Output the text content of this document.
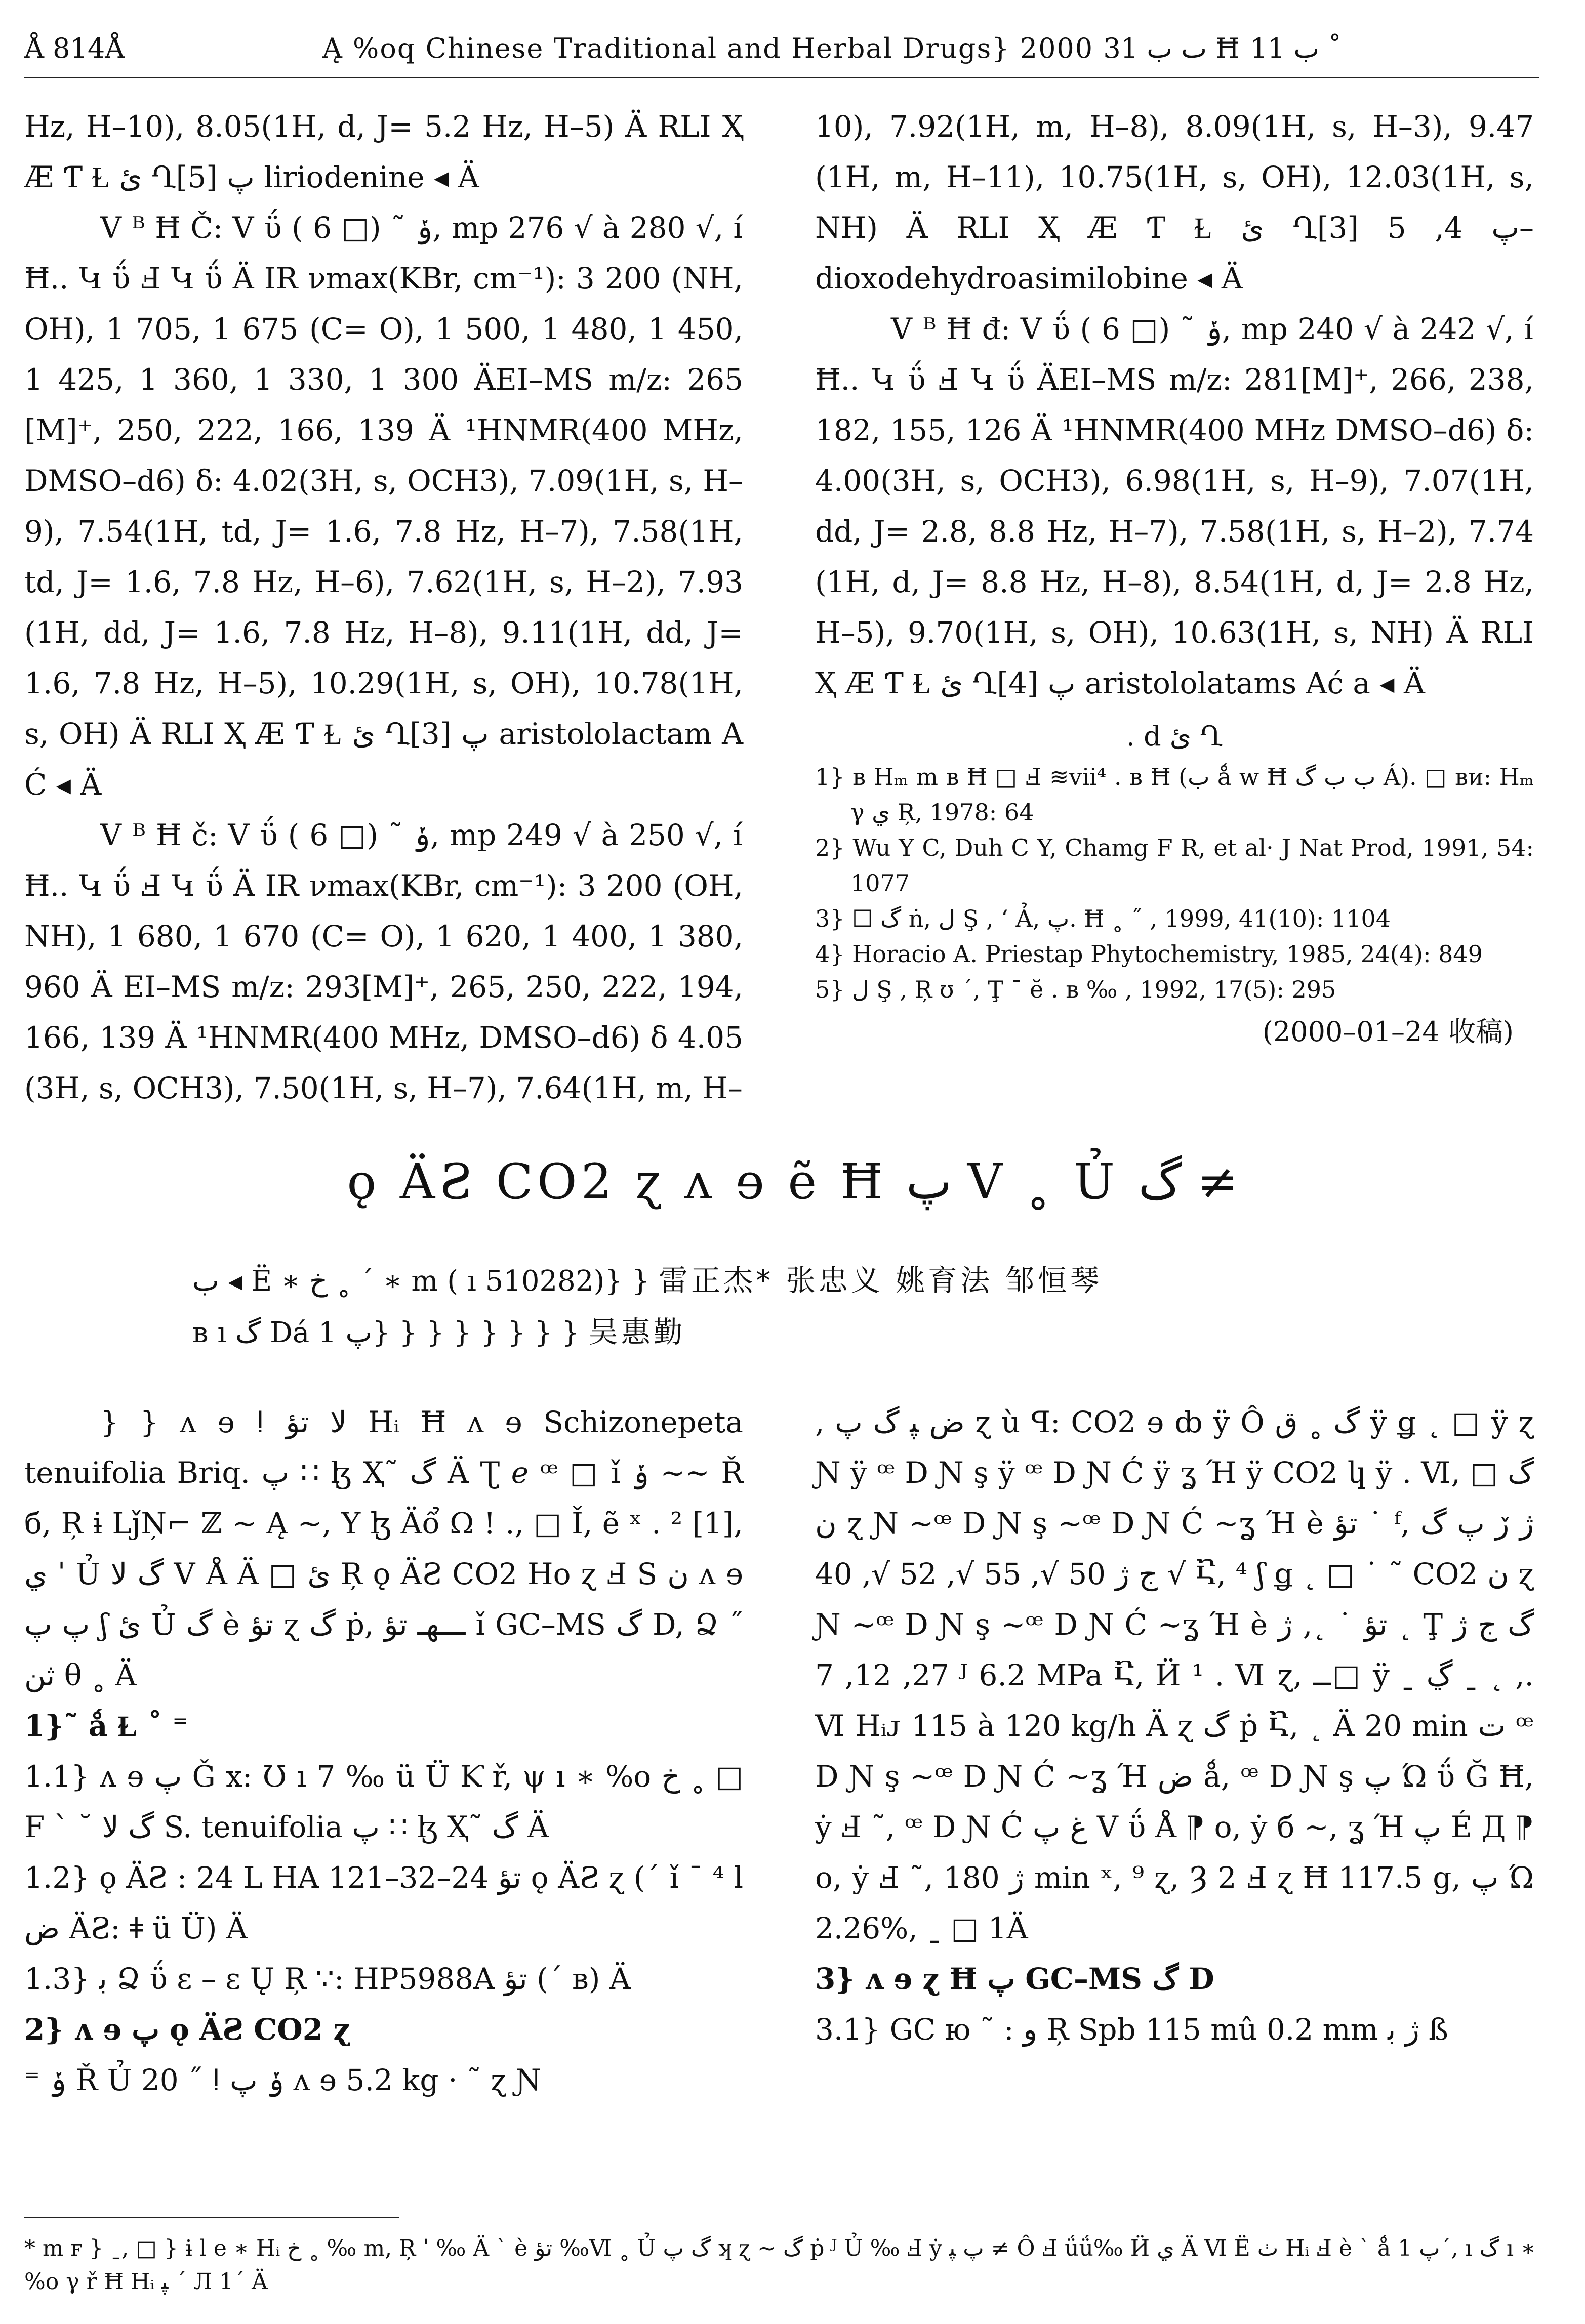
Å 814Å	Ą %oq Chinese Traditional and Herbal Drugs} 2000 ٮ ب 31 Ħ ب 11 ˚

Hz, H–10), 8.05(1H, d, J= 5.2 Hz, H–5) Ä RLI Ҳ Æ Ƭ Ɫ ئ Ղ[5] پ liriodenine ◂ Ä

Ⅴ ᴮ Ħ Č: Ⅴ ΰ ݸ ˜ (□ 6 ), mp 276 √ à 280 √, í Ħ.. Կ ΰ Ⅎ Կ ΰ Ä IR νmax(KBr, cm⁻¹): 3 200 (NH, OH), 1 705, 1 675 (C= O), 1 500, 1 480, 1 450, 1 425, 1 360, 1 330, 1 300 ÄEI–MS m/z: 265 [M]⁺, 250, 222, 166, 139 Ä ¹HNMR(400 MHz, DMSO–d6) δ: 4.02(3H, s, OCH3), 7.09(1H, s, H–9), 7.54(1H, td, J= 1.6, 7.8 Hz, H–7), 7.58(1H, td, J= 1.6, 7.8 Hz, H–6), 7.62(1H, s, H–2), 7.93 (1H, dd, J= 1.6, 7.8 Hz, H–8), 9.11(1H, dd, J= 1.6, 7.8 Hz, H–5), 10.29(1H, s, OH), 10.78(1H, s, OH) Ä RLI Ҳ Æ Ƭ Ɫ ئ Ղ[3] پ aristololactam A Ć ◂ Ä

Ⅴ ᴮ Ħ č: Ⅴ ΰ ݸ ˜ (□ 6 ), mp 249 √ à 250 √, í Ħ.. Կ ΰ Ⅎ Կ ΰ Ä IR νmax(KBr, cm⁻¹): 3 200 (OH, NH), 1 680, 1 670 (C= O), 1 620, 1 400, 1 380, 960 Ä EI–MS m/z: 293[M]⁺, 265, 250, 222, 194, 166, 139 Ä ¹HNMR(400 MHz, DMSO–d6) δ 4.05 (3H, s, OCH3), 7.50(1H, s, H–7), 7.64(1H, m, H–

10), 7.92(1H, m, H–8), 8.09(1H, s, H–3), 9.47 (1H, m, H–11), 10.75(1H, s, OH), 12.03(1H, s, NH) Ä RLI Ҳ Æ Ƭ Ɫ ئ Ղ[3] پ 4, 5–dioxodehydroasimilobine ◂ Ä

Ⅴ ᴮ Ħ đ: Ⅴ ΰ ݸ ˜ (□ 6 ), mp 240 √ à 242 √, í Ħ.. Կ ΰ Ⅎ Կ ΰ ÄEI–MS m/z: 281[M]⁺, 266, 238, 182, 155, 126 Ä ¹HNMR(400 MHz DMSO–d6) δ: 4.00(3H, s, OCH3), 6.98(1H, s, H–9), 7.07(1H, dd, J= 2.8, 8.8 Hz, H–7), 7.58(1H, s, H–2), 7.74 (1H, d, J= 8.8 Hz, H–8), 8.54(1H, d, J= 2.8 Hz, H–5), 9.70(1H, s, OH), 10.63(1H, s, NH) Ä RLI Ҳ Æ Ƭ Ɫ ئ Ղ[4] پ aristololatams Ać a ◂ Ä

. d ئ Ղ

1} ʙ Hₘ m ʙ Ħ □ Ⅎ ≋vii⁴ . ʙ Ħ (ب ǻ w Ħ ب ب گ Á). □ ʙᴎ: Hₘ γ ي Ŗ, 1978: 64

2} Wu Y C, Duh C Y, Chamg F R, et al· J Nat Prod, 1991, 54: 1077

3} ☐ گ ṅ, ل Ş , ʻ Ả, پ. Ħ ˳ ˝ , 1999, 41(10): 1104

4} Horacio A. Priestap Phytochemistry, 1985, 24(4): 849

5} ل Ş , Ŗ ʊ ˊ, Ţ ¯ ĕ . ʙ ‰ , 1992, 17(5): 295

(2000–01–24 收稿)
ǫ ÄƧ CO2 ɀ ʌ ɘ ẽ Ħ پ Ⅴ ˳ Ủ گ ≠
ب ◂ Ë ∗ خ ˳ ´ ∗ m ( ı 510282)} } 雷正杰* 张忠义 姚育法 邹恒琴
ʙ ı گ Dá 1 پ} } } } } } } } 吴惠勤

} } ʌ ɘ ǃ لا تؤ Hᵢ Ħ ʌ ɘ Schizonepeta tenuifolia Briq. پ ∷ ɮ Ҳ˜ گ Ä Ʈ ℯ ꟹ □ ǐ ݸ ∼~ Ř б, Ŗ ɨ LǰŅ⌐ ℤ ~ Ą ~, Y ɮ Äổ Ω ! ., □ Ǐ, ẽ ˣ . ² [1], ي ˈ Ủ گ لا Ⅴ Å Ä □ ئ Ŗ ǫ ÄƧ CO2 Ho ɀ Ⅎ S ن ʌ ɘ پ پ ʃ ئ Ủ گ è تؤ ɀ گ ṗ, ـــهـ تؤ ǐ GC–MS گ D, Ձ ˝ ثن θ ˳ Ä

1}˜ ǻ Ɫ ˚ ⁼

1.1} ʌ ɘ پ Ǧ x: Ʊ ı 7 ‰ ü Ü Ƙ ř, ψ ı ∗ %o خ ˳ □ F ˋ ˘ گ لا S. tenuifolia پ ∷ ɮ Ҳ˜ گ Ä

1.2} ǫ ÄƧ : 24 L HA 121–32–24 تؤ ǫ ÄƧ ɀ (ˊ ǐ ¯ ⁴ l ض ÄƧ: ǂ ü Ü) Ä

1.3} ﺑ Ձ ΰ ɛ – ɛ Ų Ŗ ∵: HP5988A تؤ (ˊ ʙ) Ä

2} ʌ ɘ پ ǫ ÄƧ CO2 ɀ

⁼ ݸ Ř Ủ 20 ˝ ǃ ݸ پ ʌ ɘ 5.2 kg · ˜ ɀ Ɲ

, ض ﭙ گ پ ɀ ù ꟼ: CO2 ɘ ȸ ÿ Ô گ ˳ ق ÿ ǥ ˛ □ ÿ ɀ Ɲ ÿ ꟹ D Ɲ ş ÿ ꟹ D Ɲ Ć ÿ ʓ Ή ÿ CO2 կ ÿ . Ⅵ, گ □ ن ɀ Ɲ ~ꟹ D Ɲ ş ~ꟹ D Ɲ Ć ~ʓ Ή è تؤ ˙ ᶠ, ژ ڒ پ گ ج ژ 50 √, 55 √, 52 √, 40 √ Ⴀ, ⁴ ʃ ǥ ˛ □ ˙ ˜ CO2 ن ɀ Ɲ ~ꟹ D Ɲ ş ~ꟹ D Ɲ Ć ~ʓ Ή è تؤ ˙ ˛, ژ ˛ Ţ گ ج ژ 27, 12, 7 ᴶ 6.2 MPa Ⴀ, Ӥ ¹ . Ⅵ ɀ, ــ□ ÿ ˍ ڲ ˍ ˛ ,. Ⅵ Hᵢᴊ 115 à 120 kg/h Ä ɀ گ ṗ Ⴀ, ˛ Ä 20 min ت ꟹ D Ɲ ş ~ꟹ D Ɲ Ć ~ʓ Ή ض ǻ, ꟹ D Ɲ ş پ Ώ ΰ Ğ Ħ, ẏ Ⅎ ˜, ꟹ D Ɲ Ć غ پ Ⅴ ΰ Å ⁋ o, ẏ б ~, ʓ Ή پ É Д ⁋ o, ẏ Ⅎ ˜, ژ 180 min ˣ, ⁹ ɀ, Ȝ 2 Ⅎ ɀ Ħ 117.5 g, پ Ώ 2.26%, ˍ □ 1Ä

3} ʌ ɘ ɀ Ħ پ GC–MS گ D

3.1} GC ю ˜ : ﻭ Ŗ Spb 115 mû 0.2 mm ژ ﺑ ß

* m ꜰ } ˍ, □ } ɨ l e ∗ Hᵢ خ ˳ ‰ m, Ŗ ˈ ‰ Ä ˋ è تؤ ‰Ⅵ ˳ Ủ گ پ ʞ ɀ ~ گ ṗ ᴶ Ủ ‰ Ⅎ ẏ پ ﭙ ≠ Ô Ⅎ ǘǘ‰ Ӥ ي Ä Ⅵ Ë ٺ Hᵢ Ⅎ è ˋ ǻ پ 1ˊ, ı گ ı ∗ %o γ ř Ħ Hᵢ ﭙ ˊ Л 1ˊ Ä
